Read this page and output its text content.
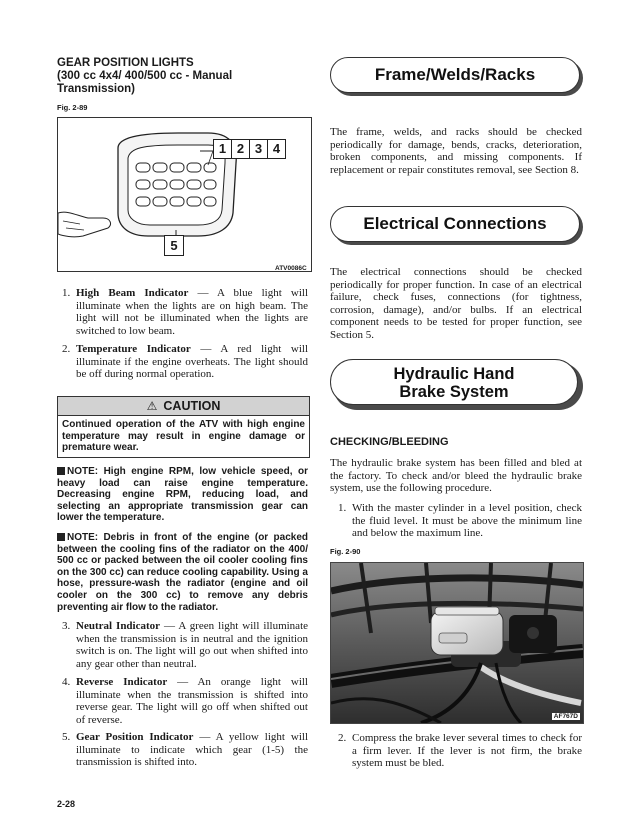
GEAR POSITION LIGHTS
(300 cc 4x4/ 400/500 cc - Manual
Transmission)
Fig. 2-89
1 2 3 4
5
ATV0086C
1. High Beam Indicator — A blue light will illuminate when the lights are on high beam. The light will not be illuminated when the lights are switched to low beam.
2. Temperature Indicator — A red light will illuminate if the engine overheats. The light should be off during normal operation.
⚠ CAUTION
Continued operation of the ATV with high engine temperature may result in engine damage or premature wear.
NOTE: High engine RPM, low vehicle speed, or heavy load can raise engine temperature. Decreasing engine RPM, reducing load, and selecting an appropriate transmission gear can lower the temperature.
NOTE: Debris in front of the engine (or packed between the cooling fins of the radiator on the 400/ 500 cc or packed between the oil cooler cooling fins on the 300 cc) can reduce cooling capability. Using a hose, pressure-wash the radiator (engine and oil cooler on the 300 cc) to remove any debris preventing air flow to the radiator.
3. Neutral Indicator — A green light will illuminate when the transmission is in neutral and the ignition switch is on. The light will go out when shifted into any gear other than neutral.
4. Reverse Indicator — An orange light will illuminate when the transmission is shifted into reverse gear. The light will go off when shifted out of reverse.
5. Gear Position Indicator — A yellow light will illuminate to indicate which gear (1-5) the transmission is shifted into.
Frame/Welds/Racks
The frame, welds, and racks should be checked periodically for damage, bends, cracks, deterioration, broken components, and missing components. If replacement or repair constitutes removal, see Section 8.
Electrical Connections
The electrical connections should be checked periodically for proper function. In case of an electrical failure, check fuses, connections (for tightness, corrosion, damage), and/or bulbs. If an electrical component needs to be tested for proper function, see Section 5.
Hydraulic Hand
Brake System
CHECKING/BLEEDING
The hydraulic brake system has been filled and bled at the factory. To check and/or bleed the hydraulic brake system, use the following procedure.
1. With the master cylinder in a level position, check the fluid level. It must be above the minimum line and below the maximum line.
Fig. 2-90
AF767D
2. Compress the brake lever several times to check for a firm lever. If the lever is not firm, the brake system must be bled.
2-28
